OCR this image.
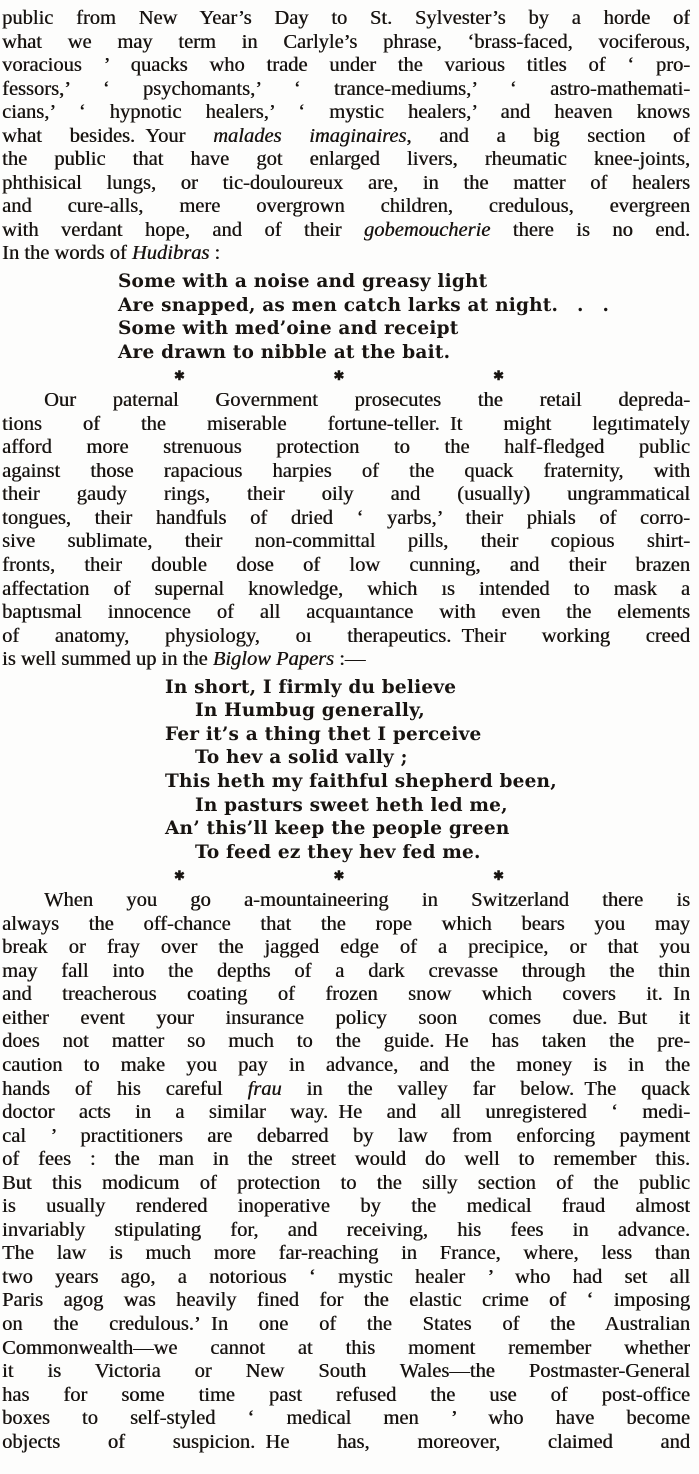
public from New Year’s Day to St. Sylvester’s by a horde of
what we may term in Carlyle’s phrase, ‘brass-faced, vociferous,
voracious ’ quacks who trade under the various titles of ‘ pro-
fessors,’ ‘ psychomants,’ ‘ trance-mediums,’ ‘ astro-mathemati-
cians,’ ‘ hypnotic healers,’ ‘ mystic healers,’ and heaven knows
what besides. Your malades imaginaires, and a big section of
the public that have got enlarged livers, rheumatic knee-joints,
phthisical lungs, or tic-douloureux are, in the matter of healers
and cure-alls, mere overgrown children, credulous, evergreen
with verdant hope, and of their gobemoucherie there is no end.
In the words of Hudibras :
Some with a noise and greasy light
Are snapped, as men catch larks at night.  .  .
Some with med’oine and receipt
Are drawn to nibble at the bait.
✱	✱	✱
Our paternal Government prosecutes the retail depreda-
tions of the miserable fortune-teller. It might legıtimately
afford more strenuous protection to the half-fledged public
against those rapacious harpies of the quack fraternity, with
their gaudy rings, their oily and (usually) ungrammatical
tongues, their handfuls of dried ‘ yarbs,’ their phials of corro-
sive sublimate, their non-committal pills, their copious shirt-
fronts, their double dose of low cunning, and their brazen
affectation of supernal knowledge, which ıs intended to mask a
baptısmal innocence of all acquaıntance with even the elements
of anatomy, physiology, oı therapeutics. Their working creed
is well summed up in the Biglow Papers :—
In short, I firmly du believe
In Humbug generally,
Fer it’s a thing thet I perceive
To hev a solid vally ;
This heth my faithful shepherd been,
In pasturs sweet heth led me,
An’ this’ll keep the people green
To feed ez they hev fed me.
✱	✱	✱
When you go a-mountaineering in Switzerland there is
always the off-chance that the rope which bears you may
break or fray over the jagged edge of a precipice, or that you
may fall into the depths of a dark crevasse through the thin
and treacherous coating of frozen snow which covers it. In
either event your insurance policy soon comes due. But it
does not matter so much to the guide. He has taken the pre-
caution to make you pay in advance, and the money is in the
hands of his careful frau in the valley far below. The quack
doctor acts in a similar way. He and all unregistered ‘ medi-
cal ’ practitioners are debarred by law from enforcing payment
of fees : the man in the street would do well to remember this.
But this modicum of protection to the silly section of the public
is usually rendered inoperative by the medical fraud almost
invariably stipulating for, and receiving, his fees in advance.
The law is much more far-reaching in France, where, less than
two years ago, a notorious ‘ mystic healer ’ who had set all
Paris agog was heavily fined for the elastic crime of ‘ imposing
on the credulous.’ In one of the States of the Australian
Commonwealth—we cannot at this moment remember whether
it is Victoria or New South Wales—the Postmaster-General
has for some time past refused the use of post-office
boxes to self-styled ‘ medical men ’ who have become
objects of suspicion. He has, moreover, claimed and
